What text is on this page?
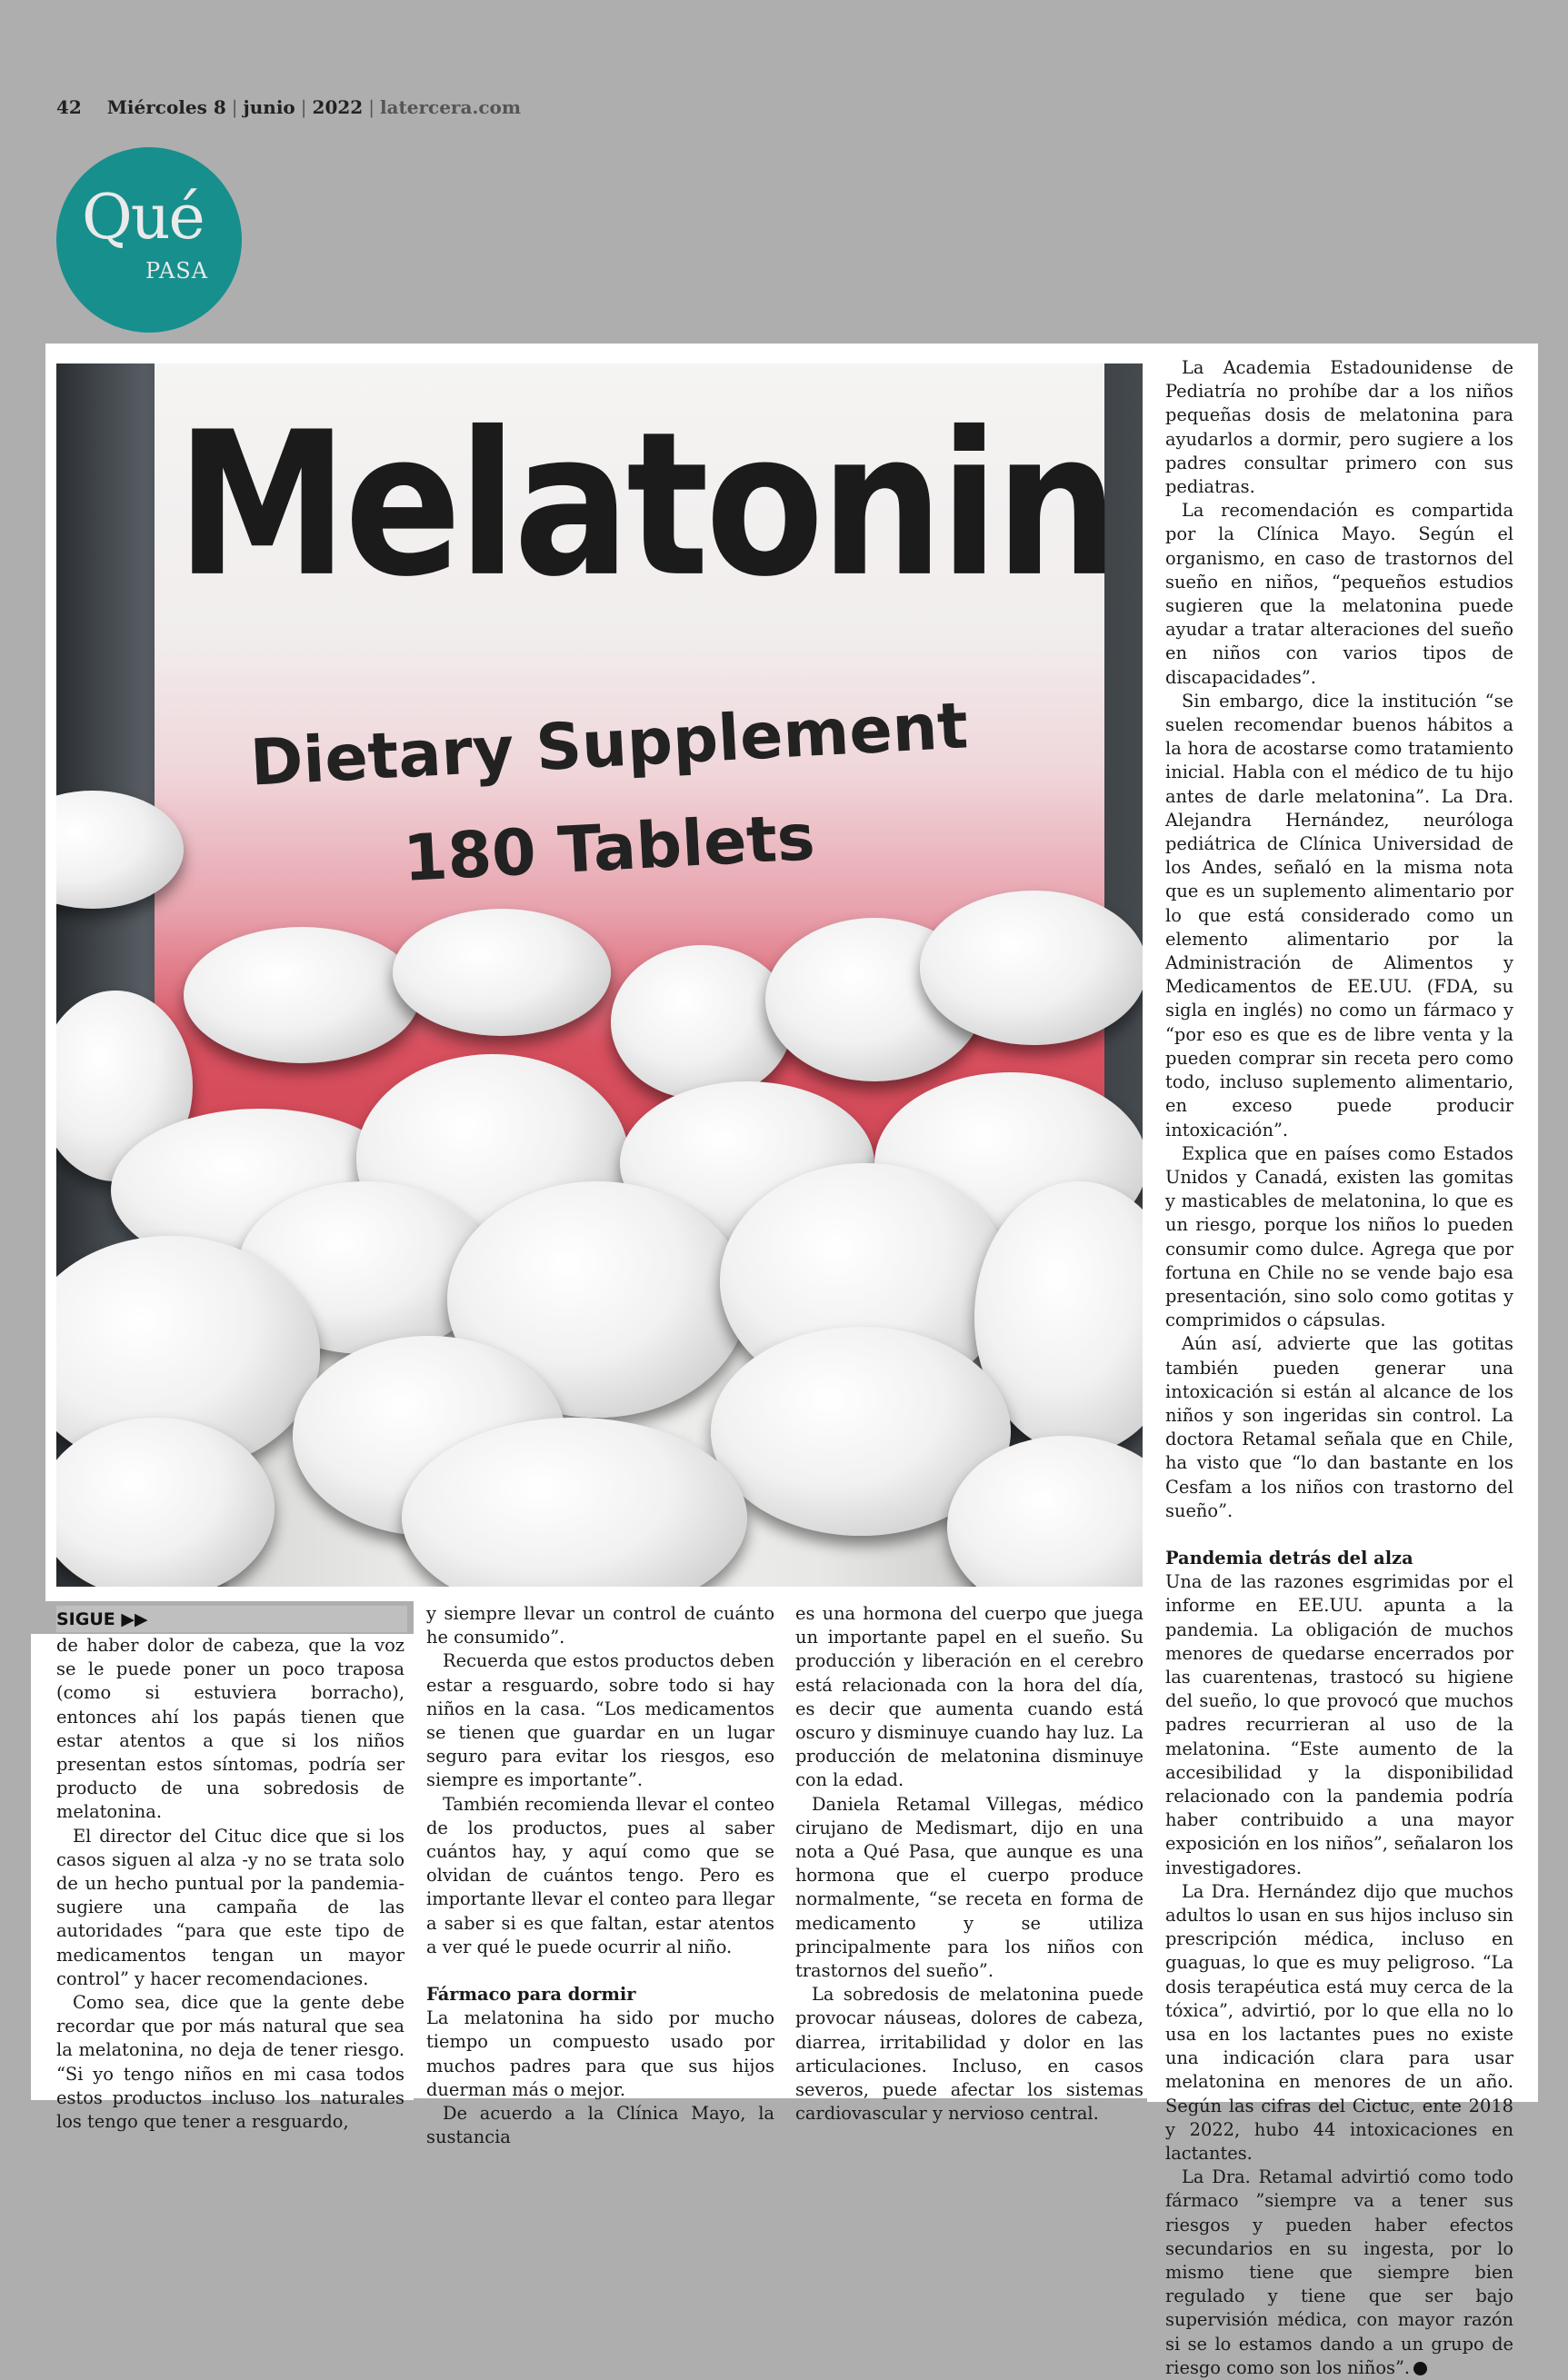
42 Miércoles 8 | junio | 2022 | latercera.com
Qué
PASA
Melatonin
Dietary Supplement
180 Tablets
SIGUE ▶▶

de haber dolor de cabeza, que la voz se le puede poner un poco traposa (como si estuviera borracho), entonces ahí los papás tienen que estar atentos a que si los niños presentan estos síntomas, podría ser producto de una sobredosis de melatonina.

El director del Cituc dice que si los casos siguen al alza -y no se trata solo de un hecho puntual por la pandemia- sugiere una campaña de las autoridades “para que este tipo de medicamentos tengan un mayor control” y hacer recomendaciones.

Como sea, dice que la gente debe recordar que por más natural que sea la melatonina, no deja de tener riesgo. “Si yo tengo niños en mi casa todos estos productos incluso los naturales los tengo que tener a resguardo,

y siempre llevar un control de cuánto he consumido”.

Recuerda que estos productos deben estar a resguardo, sobre todo si hay niños en la casa. “Los medicamentos se tienen que guardar en un lugar seguro para evitar los riesgos, eso siempre es importante”.

También recomienda llevar el conteo de los productos, pues al saber cuántos hay, y aquí como que se olvidan de cuántos tengo. Pero es importante llevar el conteo para llegar a saber si es que faltan, estar atentos a ver qué le puede ocurrir al niño.

Fármaco para dormir

La melatonina ha sido por mucho tiempo un compuesto usado por muchos padres para que sus hijos duerman más o mejor.

De acuerdo a la Clínica Mayo, la sustancia

es una hormona del cuerpo que juega un importante papel en el sueño. Su producción y liberación en el cerebro está relacionada con la hora del día, es decir que aumenta cuando está oscuro y disminuye cuando hay luz. La producción de melatonina disminuye con la edad.

Daniela Retamal Villegas, médico cirujano de Medismart, dijo en una nota a Qué Pasa, que aunque es una hormona que el cuerpo produce normalmente, “se receta en forma de medicamento y se utiliza principalmente para los niños con trastornos del sueño”.

La sobredosis de melatonina puede provocar náuseas, dolores de cabeza, diarrea, irritabilidad y dolor en las articulaciones. Incluso, en casos severos, puede afectar los sistemas cardiovascular y nervioso central.

La Academia Estadounidense de Pediatría no prohíbe dar a los niños pequeñas dosis de melatonina para ayudarlos a dormir, pero sugiere a los padres consultar primero con sus pediatras.

La recomendación es compartida por la Clínica Mayo. Según el organismo, en caso de trastornos del sueño en niños, “pequeños estudios sugieren que la melatonina puede ayudar a tratar alteraciones del sueño en niños con varios tipos de discapacidades”.

Sin embargo, dice la institución “se suelen recomendar buenos hábitos a la hora de acostarse como tratamiento inicial. Habla con el médico de tu hijo antes de darle melatonina”. La Dra. Alejandra Hernández, neuróloga pediátrica de Clínica Universidad de los Andes, señaló en la misma nota que es un suplemento alimentario por lo que está considerado como un elemento alimentario por la Administración de Alimentos y Medicamentos de EE.UU. (FDA, su sigla en inglés) no como un fármaco y “por eso es que es de libre venta y la pueden comprar sin receta pero como todo, incluso suplemento alimentario, en exceso puede producir intoxicación”.

Explica que en países como Estados Unidos y Canadá, existen las gomitas y masticables de melatonina, lo que es un riesgo, porque los niños lo pueden consumir como dulce. Agrega que por fortuna en Chile no se vende bajo esa presentación, sino solo como gotitas y comprimidos o cápsulas.

Aún así, advierte que las gotitas también pueden generar una intoxicación si están al alcance de los niños y son ingeridas sin control. La doctora Retamal señala que en Chile, ha visto que “lo dan bastante en los Cesfam a los niños con trastorno del sueño”.

Pandemia detrás del alza

Una de las razones esgrimidas por el informe en EE.UU. apunta a la pandemia. La obligación de muchos menores de quedarse encerrados por las cuarentenas, trastocó su higiene del sueño, lo que provocó que muchos padres recurrieran al uso de la melatonina. “Este aumento de la accesibilidad y la disponibilidad relacionado con la pandemia podría haber contribuido a una mayor exposición en los niños”, señalaron los investigadores.

La Dra. Hernández dijo que muchos adultos lo usan en sus hijos incluso sin prescripción médica, incluso en guaguas, lo que es muy peligroso. “La dosis terapéutica está muy cerca de la tóxica”, advirtió, por lo que ella no lo usa en los lactantes pues no existe una indicación clara para usar melatonina en menores de un año. Según las cifras del Cictuc, ente 2018 y 2022, hubo 44 intoxicaciones en lactantes.

La Dra. Retamal advirtió como todo fármaco ”siempre va a tener sus riesgos y pueden haber efectos secundarios en su ingesta, por lo mismo tiene que siempre bien regulado y tiene que ser bajo supervisión médica, con mayor razón si se lo estamos dando a un grupo de riesgo como son los niños”.
